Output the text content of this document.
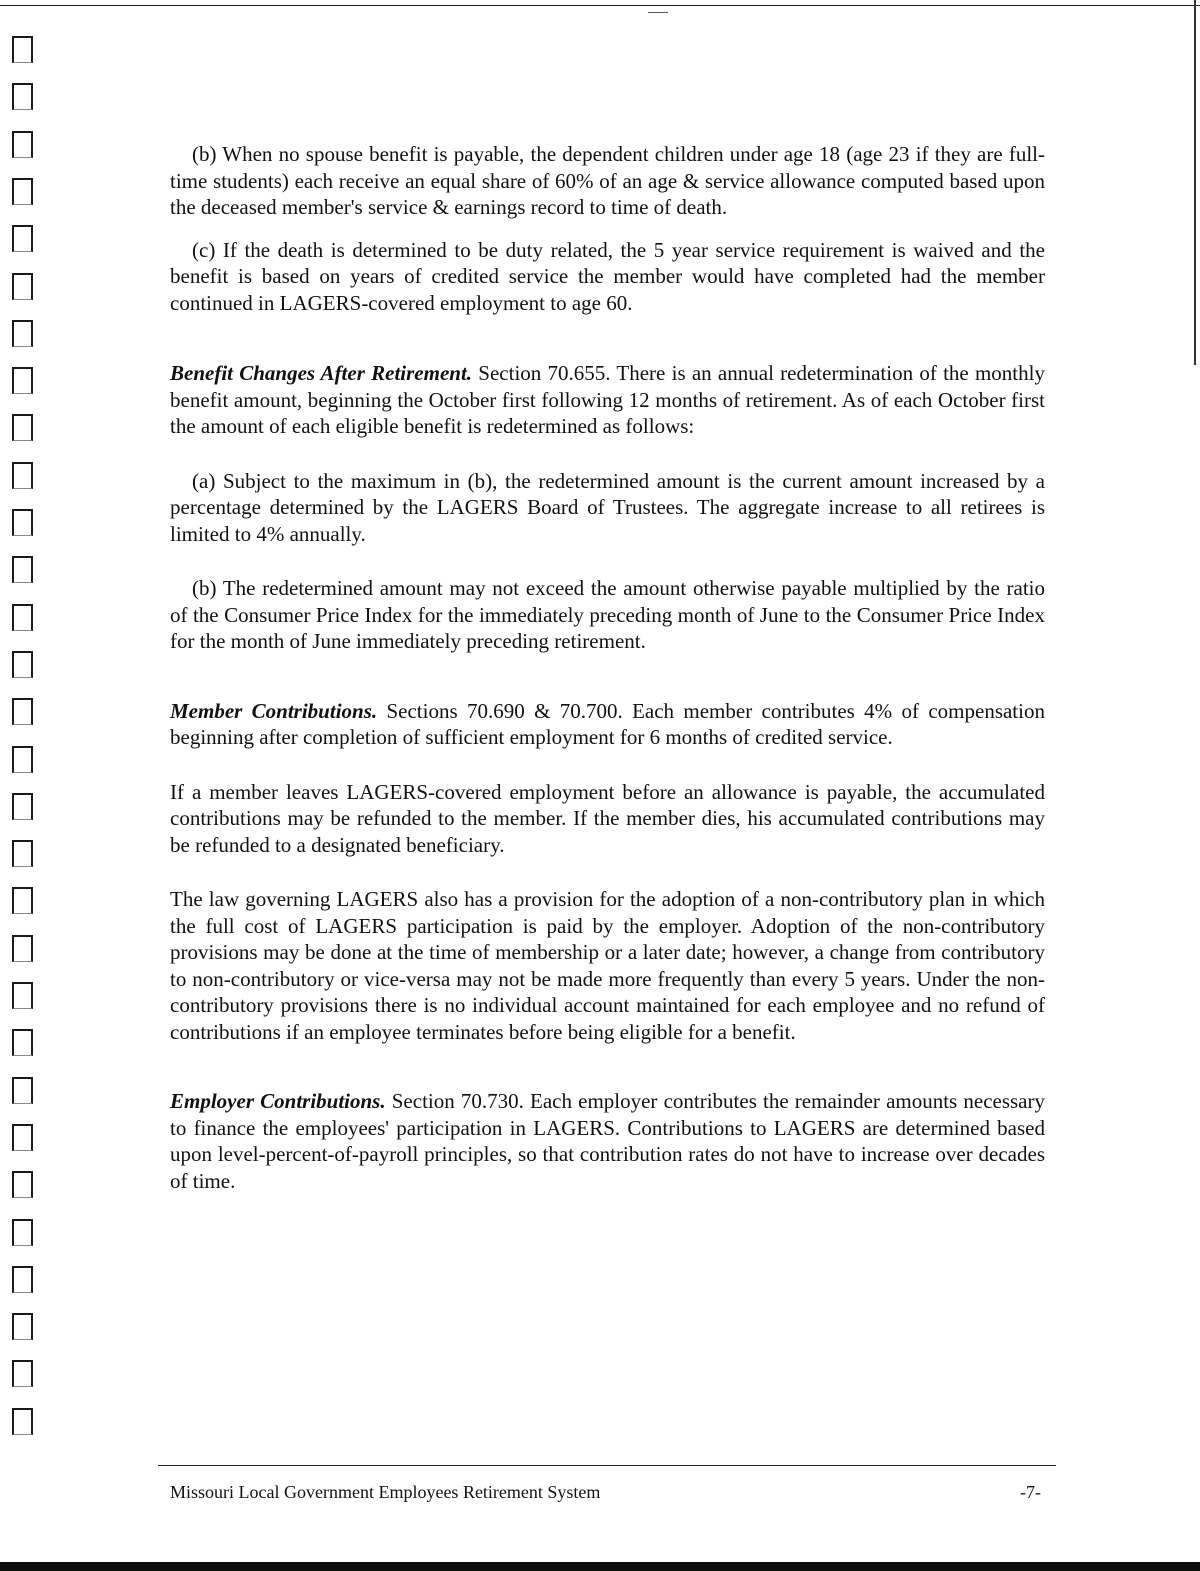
(b) When no spouse benefit is payable, the dependent children under age 18 (age 23 if they are full-time students) each receive an equal share of 60% of an age & service allowance computed based upon the deceased member's service & earnings record to time of death.

(c) If the death is determined to be duty related, the 5 year service requirement is waived and the benefit is based on years of credited service the member would have completed had the member continued in LAGERS-covered employment to age 60.

Benefit Changes After Retirement. Section 70.655. There is an annual redetermination of the monthly benefit amount, beginning the October first following 12 months of retirement. As of each October first the amount of each eligible benefit is redetermined as follows:

(a) Subject to the maximum in (b), the redetermined amount is the current amount increased by a percentage determined by the LAGERS Board of Trustees. The aggregate increase to all retirees is limited to 4% annually.

(b) The redetermined amount may not exceed the amount otherwise payable multiplied by the ratio of the Consumer Price Index for the immediately preceding month of June to the Consumer Price Index for the month of June immediately preceding retirement.

Member Contributions. Sections 70.690 & 70.700. Each member contributes 4% of compensation beginning after completion of sufficient employment for 6 months of credited service.

If a member leaves LAGERS-covered employment before an allowance is payable, the accumulated contributions may be refunded to the member. If the member dies, his accumulated contributions may be refunded to a designated beneficiary.

The law governing LAGERS also has a provision for the adoption of a non-contributory plan in which the full cost of LAGERS participation is paid by the employer. Adoption of the non-contributory provisions may be done at the time of membership or a later date; however, a change from contributory to non-contributory or vice-versa may not be made more frequently than every 5 years. Under the non-contributory provisions there is no individual account maintained for each employee and no refund of contributions if an employee terminates before being eligible for a benefit.

Employer Contributions. Section 70.730. Each employer contributes the remainder amounts necessary to finance the employees' participation in LAGERS. Contributions to LAGERS are determined based upon level-percent-of-payroll principles, so that contribution rates do not have to increase over decades of time.

Missouri Local Government Employees Retirement System	-7-
